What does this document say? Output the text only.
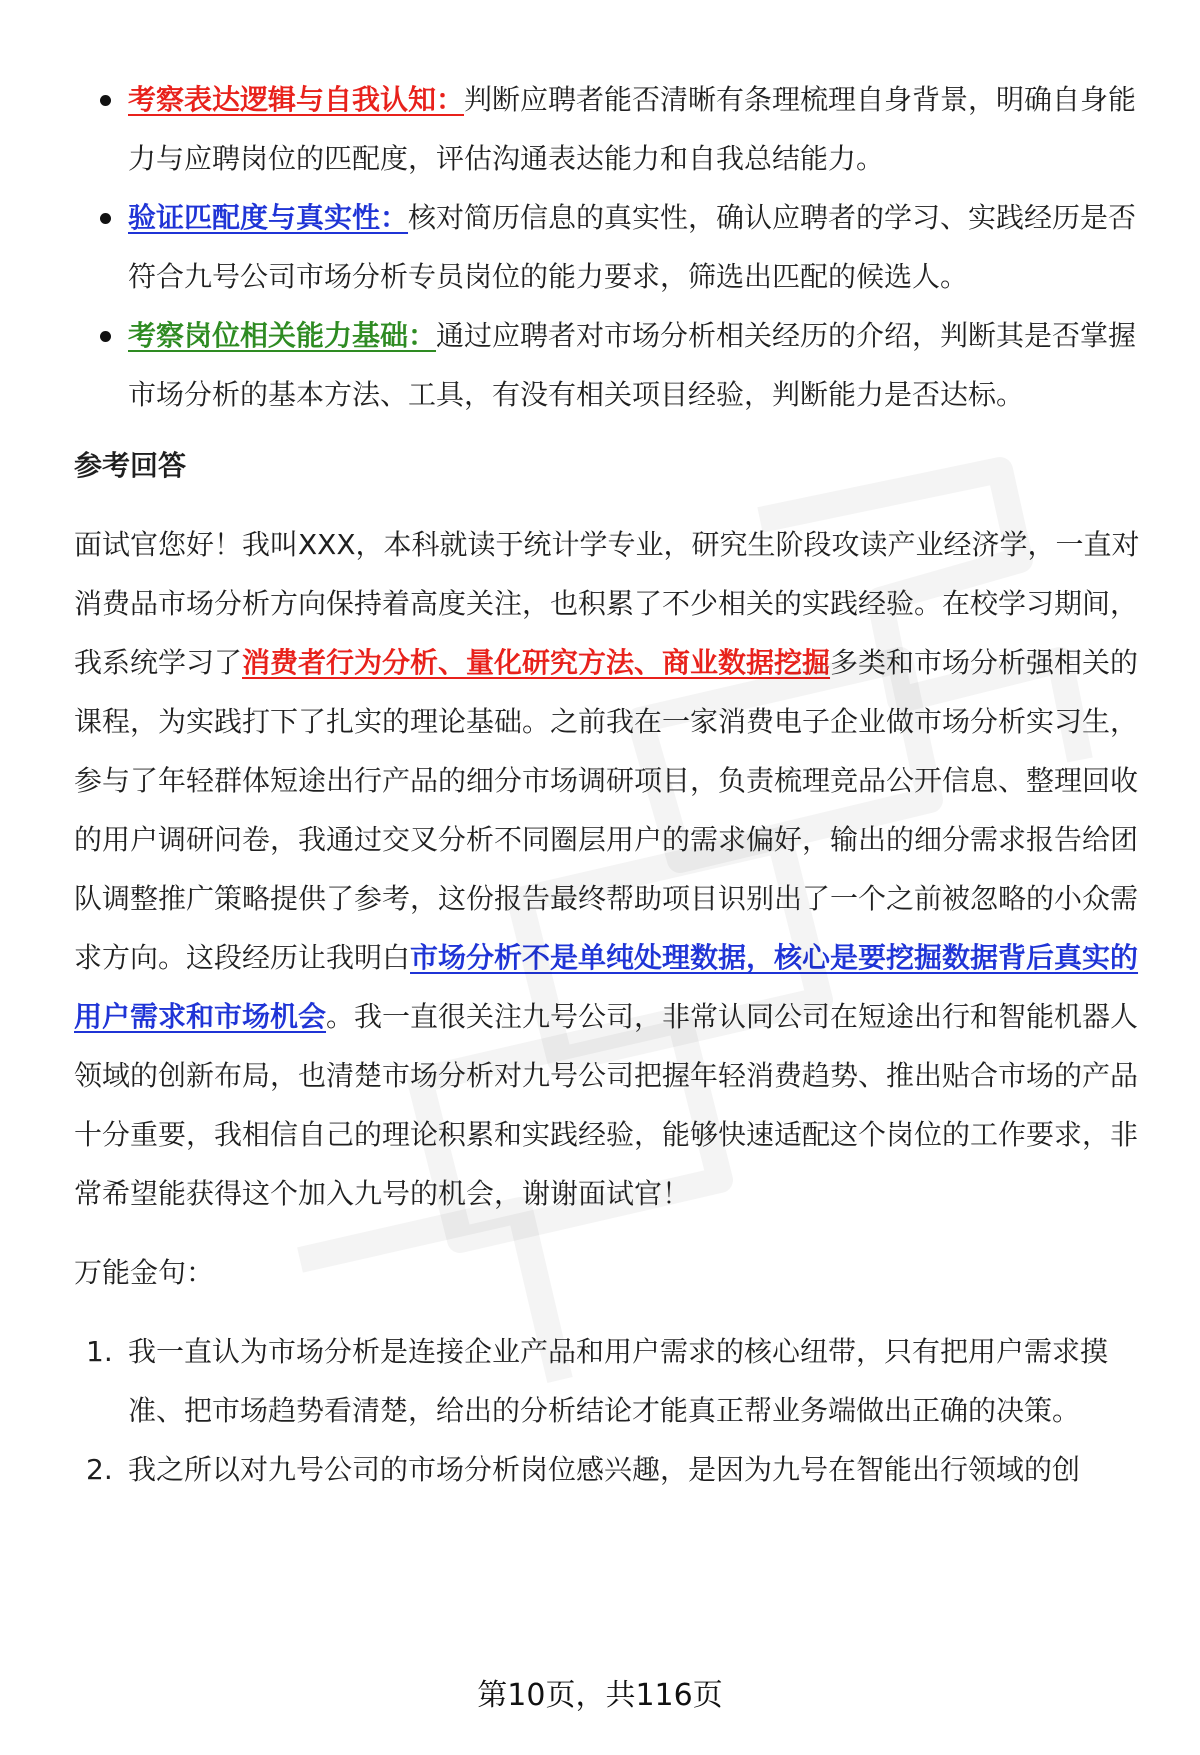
考察表达逻辑与自我认知：判断应聘者能否清晰有条理梳理自身背景，明确自身能力与应聘岗位的匹配度，评估沟通表达能力和自我总结能力。
验证匹配度与真实性：核对简历信息的真实性，确认应聘者的学习、实践经历是否符合九号公司市场分析专员岗位的能力要求，筛选出匹配的候选人。
考察岗位相关能力基础：通过应聘者对市场分析相关经历的介绍，判断其是否掌握市场分析的基本方法、工具，有没有相关项目经验，判断能力是否达标。
参考回答
面试官您好！我叫XXX，本科就读于统计学专业，研究生阶段攻读产业经济学，一直对消费品市场分析方向保持着高度关注，也积累了不少相关的实践经验。在校学习期间，我系统学习了消费者行为分析、量化研究方法、商业数据挖掘多类和市场分析强相关的课程，为实践打下了扎实的理论基础。之前我在一家消费电子企业做市场分析实习生，参与了年轻群体短途出行产品的细分市场调研项目，负责梳理竞品公开信息、整理回收的用户调研问卷，我通过交叉分析不同圈层用户的需求偏好，输出的细分需求报告给团队调整推广策略提供了参考，这份报告最终帮助项目识别出了一个之前被忽略的小众需求方向。这段经历让我明白市场分析不是单纯处理数据，核心是要挖掘数据背后真实的用户需求和市场机会。我一直很关注九号公司，非常认同公司在短途出行和智能机器人领域的创新布局，也清楚市场分析对九号公司把握年轻消费趋势、推出贴合市场的产品十分重要，我相信自己的理论积累和实践经验，能够快速适配这个岗位的工作要求，非常希望能获得这个加入九号的机会，谢谢面试官！
万能金句：
1. 我一直认为市场分析是连接企业产品和用户需求的核心纽带，只有把用户需求摸准、把市场趋势看清楚，给出的分析结论才能真正帮业务端做出正确的决策。
2. 我之所以对九号公司的市场分析岗位感兴趣，是因为九号在智能出行领域的创
第10页，共116页
